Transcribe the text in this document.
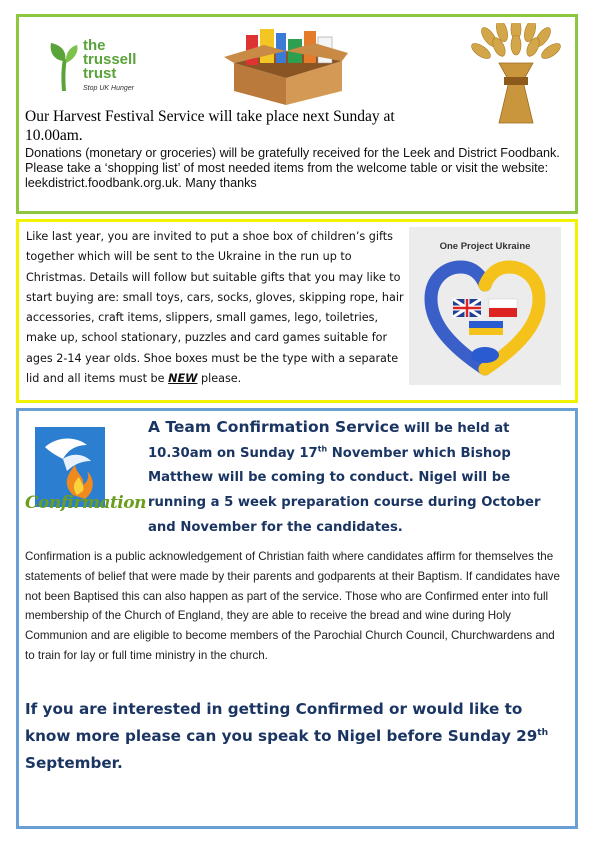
the
trussell
trust
Stop UK Hunger
Our Harvest Festival Service will take place next Sunday at 10.00am.
Donations (monetary or groceries) will be gratefully received for the Leek and District Foodbank. Please take a ‘shopping list’ of most needed items from the welcome table or visit the website: leekdistrict.foodbank.org.uk. Many thanks
Like last year, you are invited to put a shoe box of children’s gifts together which will be sent to the Ukraine in the run up to Christmas. Details will follow but suitable gifts that you may like to start buying are: small toys, cars, socks, gloves, skipping rope, hair accessories, craft items, slippers, small games, lego, toiletries, make up, school stationary, puzzles and card games suitable for ages 2-14 year olds. Shoe boxes must be the type with a separate lid and all items must be NEW please.
One Project Ukraine
Confirmation
A Team Confirmation Service will be held at 10.30am on Sunday 17th November which Bishop Matthew will be coming to conduct. Nigel will be running a 5 week preparation course during October and November for the candidates.
Confirmation is a public acknowledgement of Christian faith where candidates affirm for themselves the statements of belief that were made by their parents and godparents at their Baptism. If candidates have not been Baptised this can also happen as part of the service. Those who are Confirmed enter into full membership of the Church of England, they are able to receive the bread and wine during Holy Communion and are eligible to become members of the Parochial Church Council, Churchwardens and to train for lay or full time ministry in the church.
If you are interested in getting Confirmed or would like to know more please can you speak to Nigel before Sunday 29th September.
